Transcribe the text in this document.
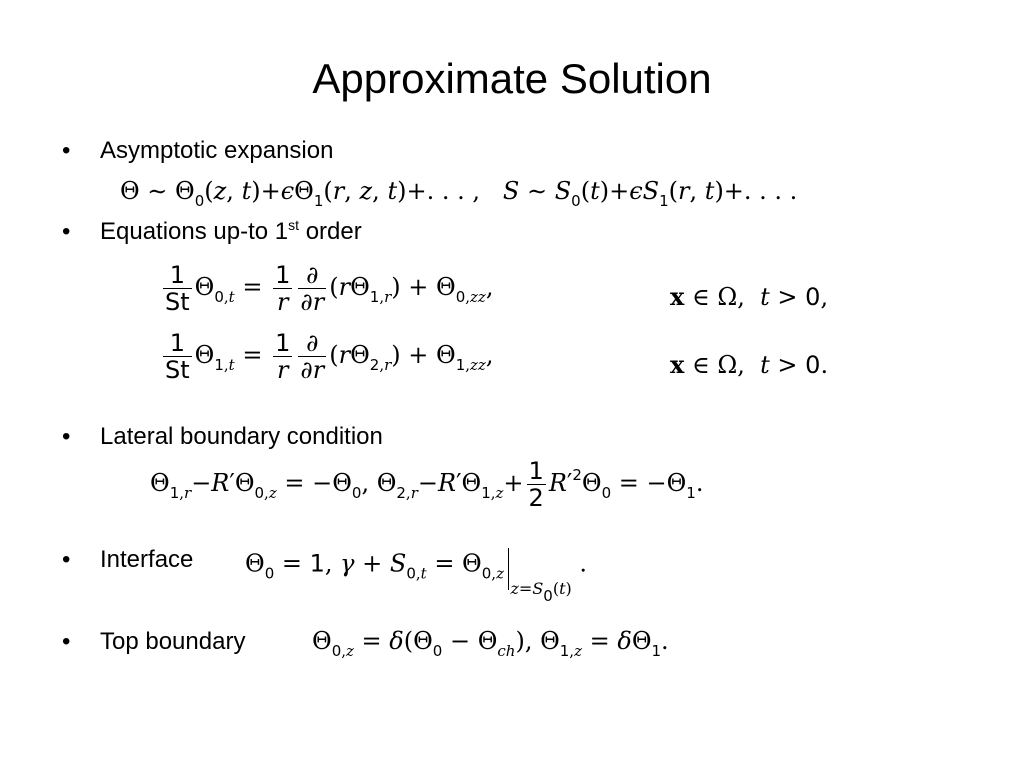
Approximate Solution
• Asymptotic expansion
Θ ∼ $\Theta_0(z$, $t)+\epsilon\Theta_1(r$, z, t)+. . . ,   S ∼ $S_0(t)+\epsilon S_1(r$, t)+. . . .
• Equations up-to 1st order
$\frac{1}{St} \Theta_{0,t} = \frac{1}{r} \frac{\partial}{\partial r} (r\Theta_{1,r}) + \Theta_{0,zz}$,	x ∈ Ω,  t > 0,
$\frac{1}{St} \Theta_{1,t} = \frac{1}{r} \frac{\partial}{\partial r} (r\Theta_{2,r}) + \Theta_{1,zz}$,	x ∈ Ω,  t > 0.
• Lateral boundary condition
$\Theta_{1,r}-R'\Theta_{0,z} = -\Theta_0$, $\Theta_{2,r}-R'\Theta_{1,z}+ \frac{1}{2} R'^2\Theta_0 = -\Theta_1$.
• Interface $\Theta_0 = 1$, $\gamma + S_{0,t} = \Theta_{0,z}z=S0(t)$ .
• Top boundary	$\Theta_{0,z} = \delta(\Theta_0 - \Theta_{ch})$, $\Theta_{1,z} = \delta\Theta_1$.
